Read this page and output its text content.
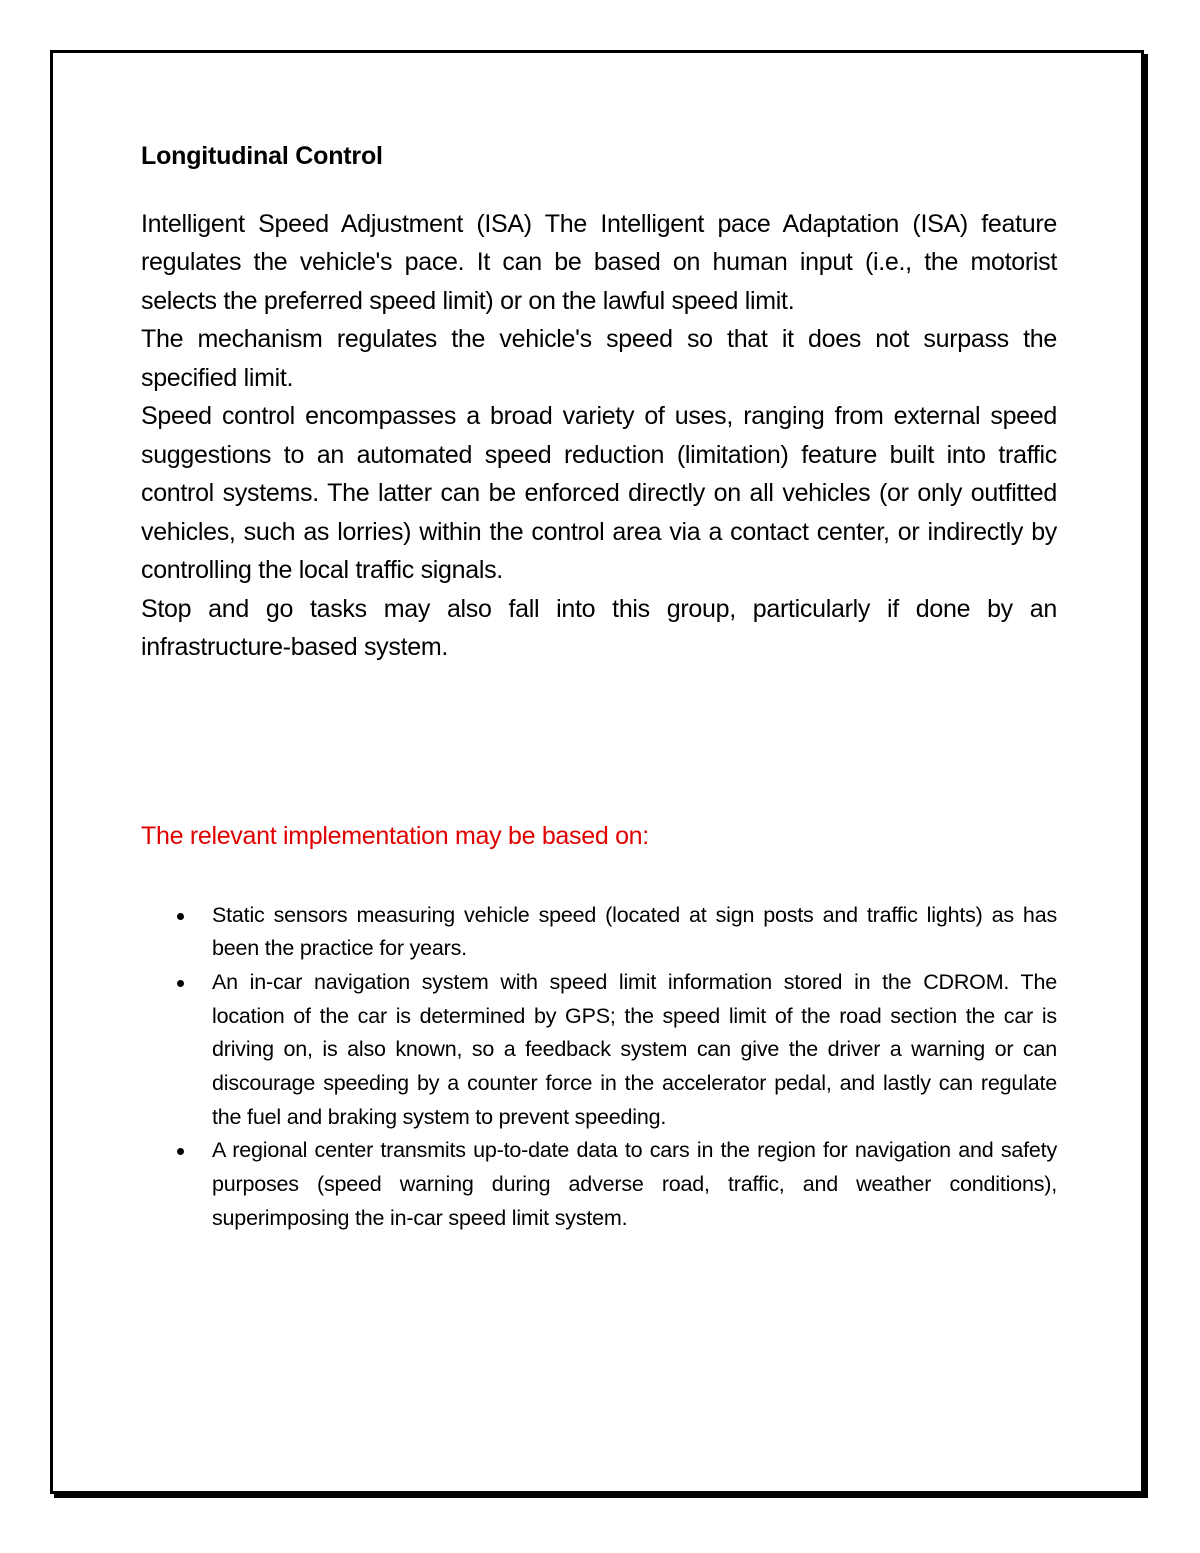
Longitudinal Control

Intelligent Speed Adjustment (ISA) The Intelligent pace Adaptation (ISA) feature regulates the vehicle's pace. It can be based on human input (i.e., the motorist selects the preferred speed limit) or on the lawful speed limit.

The mechanism regulates the vehicle's speed so that it does not surpass the specified limit.

Speed control encompasses a broad variety of uses, ranging from external speed suggestions to an automated speed reduction (limitation) feature built into traffic control systems. The latter can be enforced directly on all vehicles (or only outfitted vehicles, such as lorries) within the control area via a contact center, or indirectly by controlling the local traffic signals.

Stop and go tasks may also fall into this group, particularly if done by an infrastructure-based system.

The relevant implementation may be based on:
Static sensors measuring vehicle speed (located at sign posts and traffic lights) as has been the practice for years.
An in-car navigation system with speed limit information stored in the CDROM. The location of the car is determined by GPS; the speed limit of the road section the car is driving on, is also known, so a feedback system can give the driver a warning or can discourage speeding by a counter force in the accelerator pedal, and lastly can regulate the fuel and braking system to prevent speeding.
A regional center transmits up-to-date data to cars in the region for navigation and safety purposes (speed warning during adverse road, traffic, and weather conditions), superimposing the in-car speed limit system.
